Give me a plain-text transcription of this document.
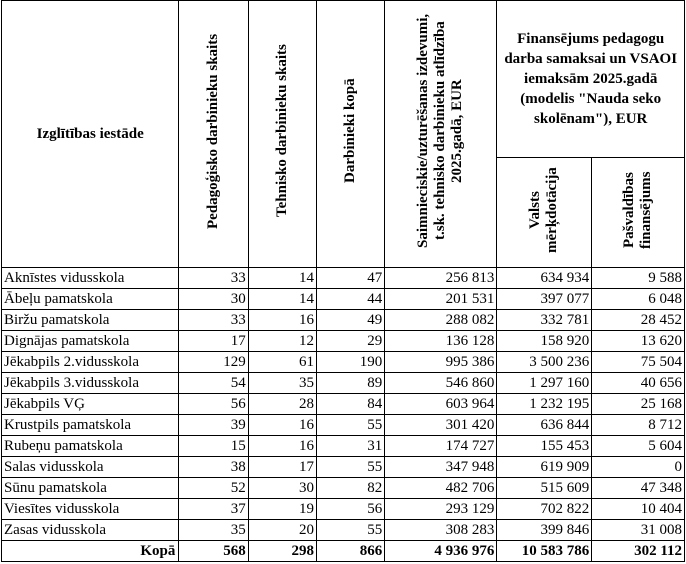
Izglītības iestāde	Pedagoģisko darbinieku skaits	Tehnisko darbinieku skaits	Darbinieki kopā	Saimnieciskie/uzturēšanas izdevumi, t.sk. tehnisko darbinieku atlīdzība 2025.gadā, EUR	Finansējums pedagogu darba samaksai un VSAOI iemaksām 2025.gadā (modelis "Nauda seko skolēnam"), EUR	
					Valsts mērķdotācija	Pašvaldības finansējums
Aknīstes vidusskola	33	14	47	256 813	634 934	9 588
Ābeļu pamatskola	30	14	44	201 531	397 077	6 048
Biržu pamatskola	33	16	49	288 082	332 781	28 452
Dignājas pamatskola	17	12	29	136 128	158 920	13 620
Jēkabpils 2.vidusskola	129	61	190	995 386	3 500 236	75 504
Jēkabpils 3.vidusskola	54	35	89	546 860	1 297 160	40 656
Jēkabpils VĢ	56	28	84	603 964	1 232 195	25 168
Krustpils pamatskola	39	16	55	301 420	636 844	8 712
Rubeņu pamatskola	15	16	31	174 727	155 453	5 604
Salas vidusskola	38	17	55	347 948	619 909	0
Sūnu pamatskola	52	30	82	482 706	515 609	47 348
Viesītes vidusskola	37	19	56	293 129	702 822	10 404
Zasas vidusskola	35	20	55	308 283	399 846	31 008
Kopā	568	298	866	4 936 976	10 583 786	302 112
